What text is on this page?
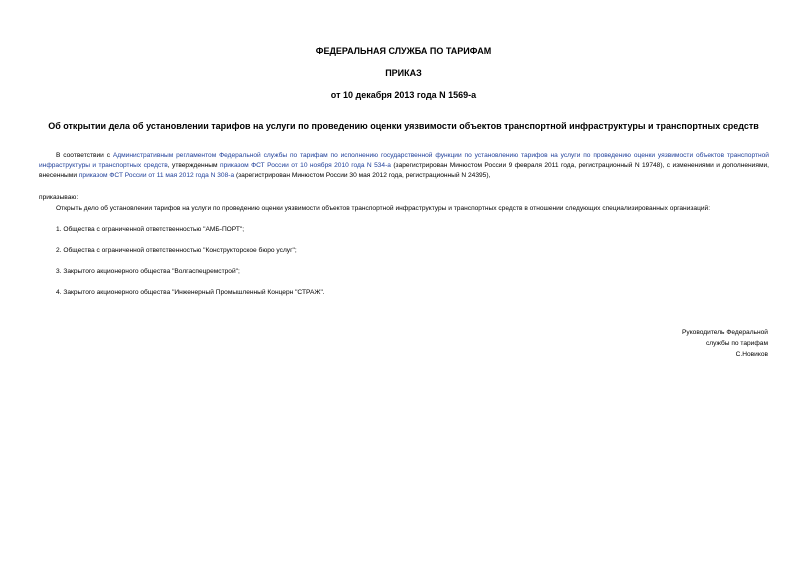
ФЕДЕРАЛЬНАЯ СЛУЖБА ПО ТАРИФАМ
ПРИКАЗ
от 10 декабря 2013 года N 1569-а
Об открытии дела об установлении тарифов на услуги по проведению оценки уязвимости объектов транспортной инфраструктуры и транспортных средств
В соответствии с Административным регламентом Федеральной службы по тарифам по исполнению государственной функции по установлению тарифов на услуги по проведению оценки уязвимости объектов транспортной инфраструктуры и транспортных средств, утвержденным приказом ФСТ России от 10 ноября 2010 года N 534-а (зарегистрирован Минюстом России 9 февраля 2011 года, регистрационный N 19748), с изменениями и дополнениями, внесенными приказом ФСТ России от 11 мая 2012 года N 308-а (зарегистрирован Минюстом России 30 мая 2012 года, регистрационный N 24395),
приказываю:
Открыть дело об установлении тарифов на услуги по проведению оценки уязвимости объектов транспортной инфраструктуры и транспортных средств в отношении следующих специализированных организаций:
1. Общества с ограниченной ответственностью "АМБ-ПОРТ";
2. Общества с ограниченной ответственностью "Конструкторское бюро услуг";
3. Закрытого акционерного общества "Волгаспецремстрой";
4. Закрытого акционерного общества "Инженерный Промышленный Концерн "СТРАЖ".
Руководитель Федеральной
службы по тарифам
С.Новиков
